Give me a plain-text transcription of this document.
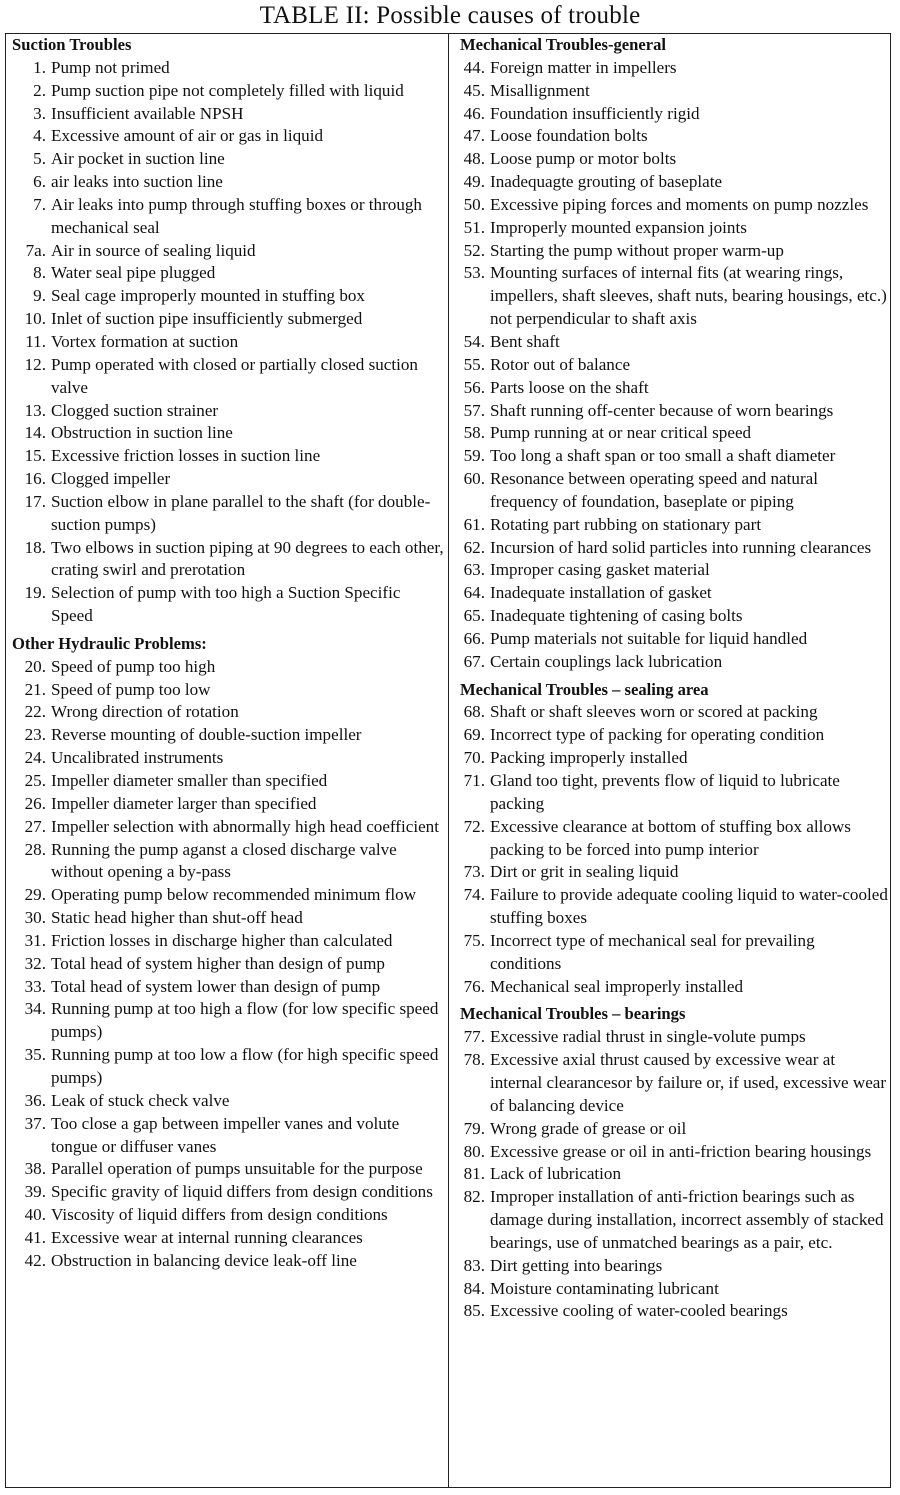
TABLE II: Possible causes of trouble
Suction Troubles
1. Pump not primed
2. Pump suction pipe not completely filled with liquid
3. Insufficient available NPSH
4. Excessive amount of air or gas in liquid
5. Air pocket in suction line
6. air leaks into suction line
7. Air leaks into pump through stuffing boxes or through mechanical seal
7a. Air in source of sealing liquid
8. Water seal pipe plugged
9. Seal cage improperly mounted in stuffing box
10. Inlet of suction pipe insufficiently submerged
11. Vortex formation at suction
12. Pump operated with closed or partially closed suction valve
13. Clogged suction strainer
14. Obstruction in suction line
15. Excessive friction losses in suction line
16. Clogged impeller
17. Suction elbow in plane parallel to the shaft (for double-suction pumps)
18. Two elbows in suction piping at 90 degrees to each other, crating swirl and prerotation
19. Selection of pump with too high a Suction Specific Speed
Other Hydraulic Problems:
20. Speed of pump too high
21. Speed of pump too low
22. Wrong direction of rotation
23. Reverse mounting of double-suction impeller
24. Uncalibrated instruments
25. Impeller diameter smaller than specified
26. Impeller diameter larger than specified
27. Impeller selection with abnormally high head coefficient
28. Running the pump aganst a closed discharge valve without opening a by-pass
29. Operating pump below recommended minimum flow
30. Static head higher than shut-off head
31. Friction losses in discharge higher than calculated
32. Total head of system higher than design of pump
33. Total head of system lower than design of pump
34. Running pump at too high a flow (for low specific speed pumps)
35. Running pump at too low a flow (for high specific speed pumps)
36. Leak of stuck check valve
37. Too close a gap between impeller vanes and volute tongue or diffuser vanes
38. Parallel operation of pumps unsuitable for the purpose
39. Specific gravity of liquid differs from design conditions
40. Viscosity of liquid differs from design conditions
41. Excessive wear at internal running clearances
42. Obstruction in balancing device leak-off line
Mechanical Troubles-general
44. Foreign matter in impellers
45. Misallignment
46. Foundation insufficiently rigid
47. Loose foundation bolts
48. Loose pump or motor bolts
49. Inadequagte grouting of baseplate
50. Excessive piping forces and moments on pump nozzles
51. Improperly mounted expansion joints
52. Starting the pump without proper warm-up
53. Mounting surfaces of internal fits (at wearing rings, impellers, shaft sleeves, shaft nuts, bearing housings, etc.) not perpendicular to shaft axis
54. Bent shaft
55. Rotor out of balance
56. Parts loose on the shaft
57. Shaft running off-center because of worn bearings
58. Pump running at or near critical speed
59. Too long a shaft span or too small a shaft diameter
60. Resonance between operating speed and natural frequency of foundation, baseplate or piping
61. Rotating part rubbing on stationary part
62. Incursion of hard solid particles into running clearances
63. Improper casing gasket material
64. Inadequate installation of gasket
65. Inadequate tightening of casing bolts
66. Pump materials not suitable for liquid handled
67. Certain couplings lack lubrication
Mechanical Troubles – sealing area
68. Shaft or shaft sleeves worn or scored at packing
69. Incorrect type of packing for operating condition
70. Packing improperly installed
71. Gland too tight, prevents flow of liquid to lubricate packing
72. Excessive clearance at bottom of stuffing box allows packing to be forced into pump interior
73. Dirt or grit in sealing liquid
74. Failure to provide adequate cooling liquid to water-cooled stuffing boxes
75. Incorrect type of mechanical seal for prevailing conditions
76. Mechanical seal improperly installed
Mechanical Troubles – bearings
77. Excessive radial thrust in single-volute pumps
78. Excessive axial thrust caused by excessive wear at internal clearancesor by failure or, if used, excessive wear of balancing device
79. Wrong grade of grease or oil
80. Excessive grease or oil in anti-friction bearing housings
81. Lack of lubrication
82. Improper installation of anti-friction bearings such as damage during installation, incorrect assembly of stacked bearings, use of unmatched bearings as a pair, etc.
83. Dirt getting into bearings
84. Moisture contaminating lubricant
85. Excessive cooling of water-cooled bearings
